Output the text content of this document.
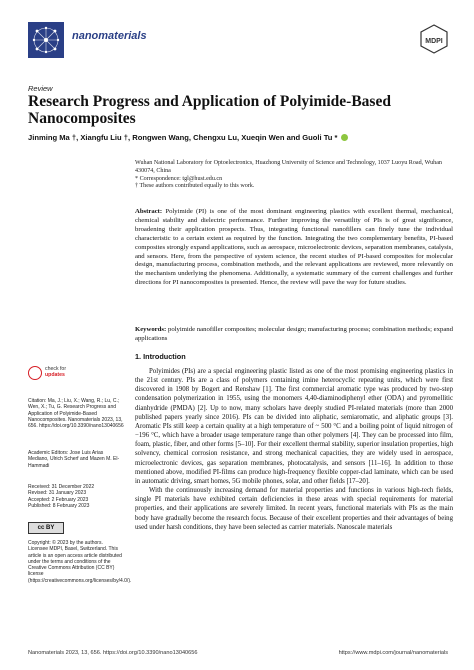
nanomaterials	MDPI
Review
Research Progress and Application of Polyimide-Based Nanocomposites
Jinming Ma †, Xiangfu Liu †, Rongwen Wang, Chengxu Lu, Xueqin Wen and Guoli Tu *
Wuhan National Laboratory for Optoelectronics, Huazhong University of Science and Technology, 1037 Luoyu Road, Wuhan 430074, China
* Correspondence: tgl@hust.edu.cn
† These authors contributed equally to this work.
Abstract: Polyimide (PI) is one of the most dominant engineering plastics with excellent thermal, mechanical, chemical stability and dielectric performance. Further improving the versatility of PIs is of great significance, broadening their application prospects. Thus, integrating functional nanofillers can finely tune the individual characteristic to a certain extent as required by the function. Integrating the two complementary benefits, PI-based composites strongly expand applications, such as aerospace, microelectronic devices, separation membranes, catalysis, and sensors. Here, from the perspective of system science, the recent studies of PI-based composites for molecular design, manufacturing process, combination methods, and the relevant applications are reviewed, more relevantly on the mechanism underlying the phenomena. Additionally, a systematic summary of the current challenges and further directions for PI nanocomposites is presented. Hence, the review will pave the way for future studies.
Keywords: polyimide nanofiller composites; molecular design; manufacturing process; combination methods; expand applications
1. Introduction

Polyimides (PIs) are a special engineering plastic listed as one of the most promising engineering plastics in the 21st century. PIs are a class of polymers containing imine heterocyclic repeating units, which were first discovered in 1908 by Bogert and Renshaw [1]. The first commercial aromatic type was produced by two-step condensation polymerization in 1955, using the monomers 4,40-diaminodiphenyl ether (ODA) and pyromellitic dianhydride (PMDA) [2]. Up to now, many scholars have deeply studied PI-related materials (more than 2000 published papers yearly since 2016). PIs can be divided into aliphatic, semiaromatic, and aliphatic groups [3]. Aromatic PIs still keep a certain quality at a high temperature of ~ 500 °C and a boiling point of liquid nitrogen of −196 °C, which have a broader usage temperature range than other polymers [4]. They can be processed into film, foam, plastic, fiber, and other forms [5–10]. For their excellent thermal stability, superior insulation properties, high solvency, chemical corrosion resistance, and strong mechanical capacities, they are widely used in aerospace, microelectronic devices, gas separation membranes, photocatalysis, and sensors [11–16]. In addition to those mentioned above, modified PI-films can produce high-frequency flexible copper-clad laminate, which can be used in automatic driving, smart homes, 5G mobile phones, solar, and other fields [17–20].

With the continuously increasing demand for material properties and functions in various high-tech fields, single PI materials have exhibited certain deficiencies in these areas with special requirements for material properties, and their applications are severely limited. In recent years, functional materials with PIs as the main body have gradually become the research focus. Because of their excellent properties and their advantages of being used under harsh conditions, they have been selected as carrier materials. Nanoscale materials

check for
updates
Citation: Ma, J.; Liu, X.; Wang, R.; Lu, C.; Wen, X.; Tu, G. Research Progress and Application of Polyimide-Based Nanocomposites. Nanomaterials 2023, 13, 656. https://doi.org/10.3390/nano13040656
Academic Editors: Jose Luis Arias Mediano, Ulrich Scherf and Mazen M. El-Hammadi
Received: 31 December 2022
Revised: 31 January 2023
Accepted: 2 February 2023
Published: 8 February 2023
cc BY
Copyright: © 2023 by the authors. Licensee MDPI, Basel, Switzerland. This article is an open access article distributed under the terms and conditions of the Creative Commons Attribution (CC BY) license (https://creativecommons.org/licenses/by/4.0/).
Nanomaterials 2023, 13, 656. https://doi.org/10.3390/nano13040656	https://www.mdpi.com/journal/nanomaterials
